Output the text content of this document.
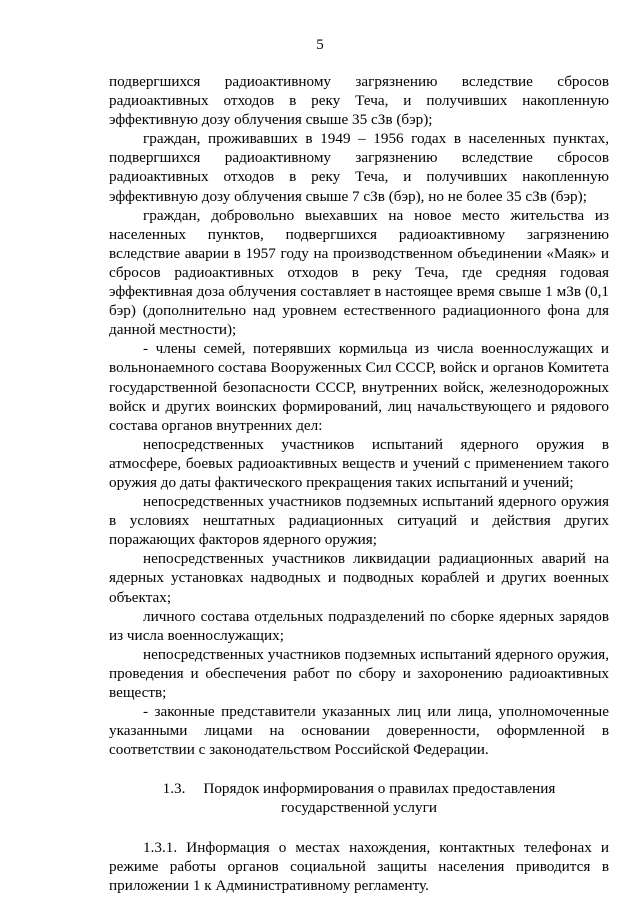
5

подвергшихся радиоактивному загрязнению вследствие сбросов радиоактивных отходов в реку Теча, и получивших накопленную эффективную дозу облучения свыше 35 сЗв (бэр);

граждан, проживавших в 1949 – 1956 годах в населенных пунктах, подвергшихся радиоактивному загрязнению вследствие сбросов радиоактивных отходов в реку Теча, и получивших накопленную эффективную дозу облучения свыше 7 сЗв (бэр), но не более 35 сЗв (бэр);

граждан, добровольно выехавших на новое место жительства из населенных пунктов, подвергшихся радиоактивному загрязнению вследствие аварии в 1957 году на производственном объединении «Маяк» и сбросов радиоактивных отходов в реку Теча, где средняя годовая эффективная доза облучения составляет в настоящее время свыше 1 мЗв (0,1 бэр) (дополнительно над уровнем естественного радиационного фона для данной местности);

- члены семей, потерявших кормильца из числа военнослужащих и вольнонаемного состава Вооруженных Сил СССР, войск и органов Комитета государственной безопасности СССР, внутренних войск, железнодорожных войск и других воинских формирований, лиц начальствующего и рядового состава органов внутренних дел:

непосредственных участников испытаний ядерного оружия в атмосфере, боевых радиоактивных веществ и учений с применением такого оружия до даты фактического прекращения таких испытаний и учений;

непосредственных участников подземных испытаний ядерного оружия в условиях нештатных радиационных ситуаций и действия других поражающих факторов ядерного оружия;

непосредственных участников ликвидации радиационных аварий на ядерных установках надводных и подводных кораблей и других военных объектах;

личного состава отдельных подразделений по сборке ядерных зарядов из числа военнослужащих;

непосредственных участников подземных испытаний ядерного оружия, проведения и обеспечения работ по сбору и захоронению радиоактивных веществ;

- законные представители указанных лиц или лица, уполномоченные указанными лицами на основании доверенности, оформленной в соответствии с законодательством Российской Федерации.

1.3. Порядок информирования о правилах предоставления
государственной услуги

1.3.1. Информация о местах нахождения, контактных телефонах и режиме работы органов социальной защиты населения приводится в приложении 1 к Административному регламенту.
